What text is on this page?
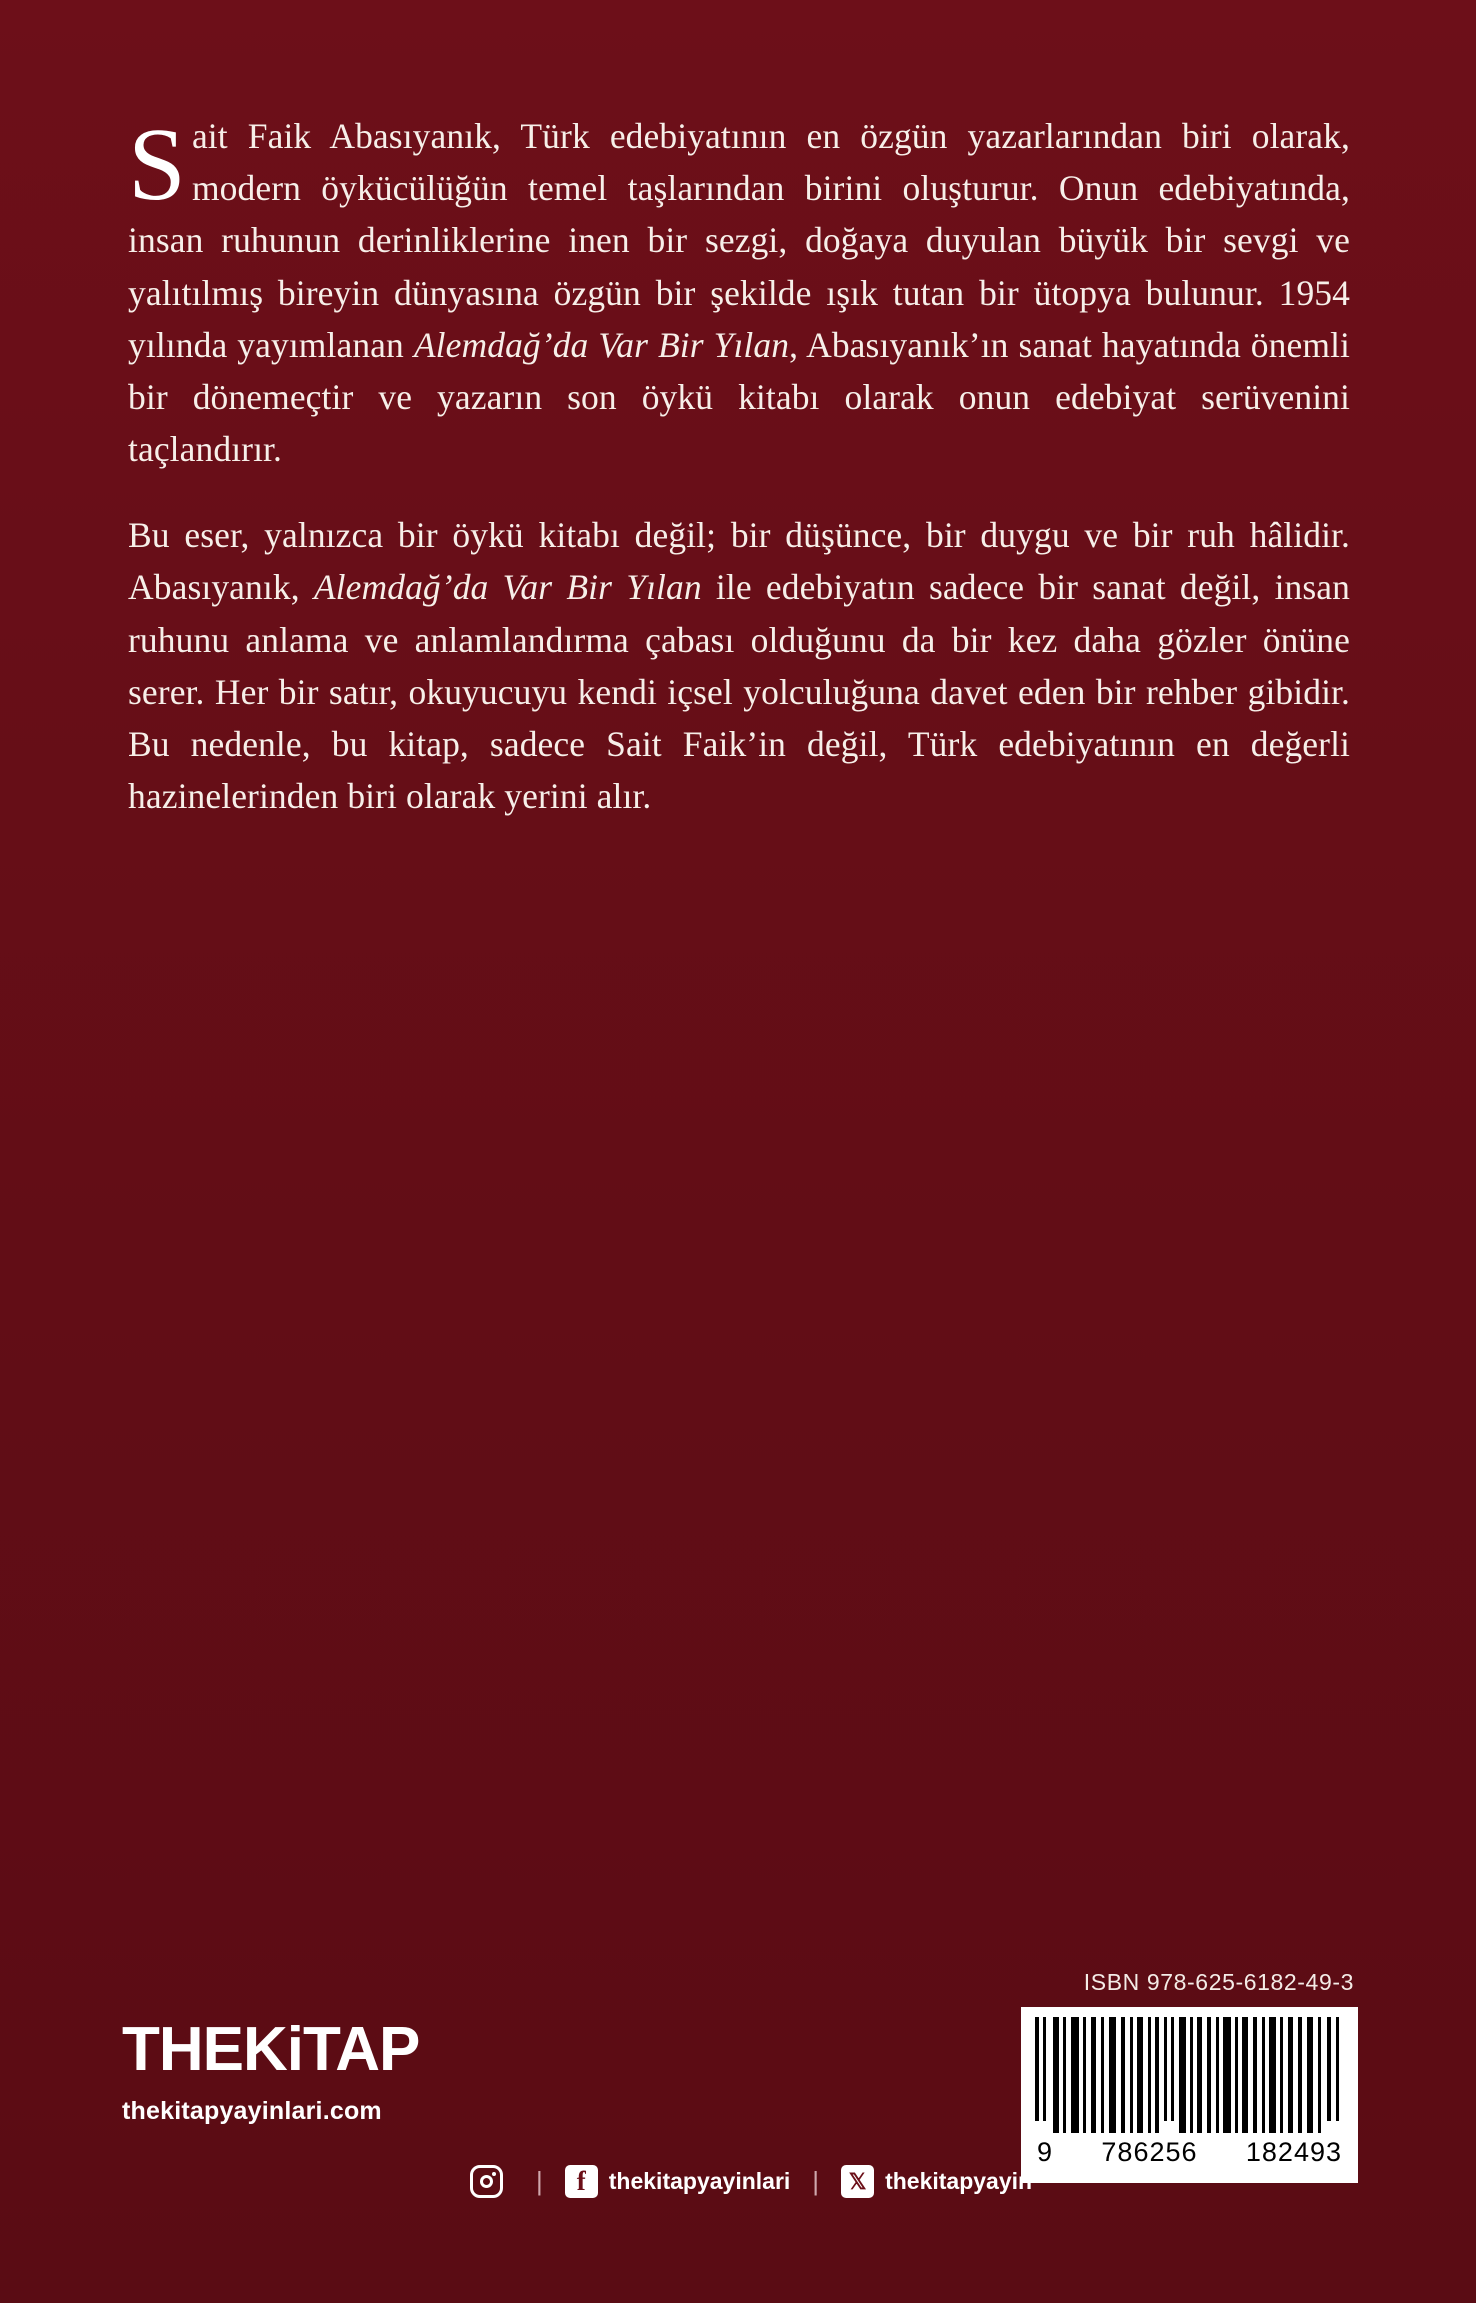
Sait Faik Abasıyanık, Türk edebiyatının en özgün yazarlarından biri olarak, modern öykücülüğün temel taşlarından birini oluşturur. Onun edebiyatında, insan ruhunun derinliklerine inen bir sezgi, doğaya duyulan büyük bir sevgi ve yalıtılmış bireyin dünyasına özgün bir şekilde ışık tutan bir ütopya bulunur. 1954 yılında yayımlanan Alemdağ’da Var Bir Yılan, Abasıyanık’ın sanat hayatında önemli bir dönemeçtir ve yazarın son öykü kitabı olarak onun edebiyat serüvenini taçlandırır.

Bu eser, yalnızca bir öykü kitabı değil; bir düşünce, bir duygu ve bir ruh hâlidir. Abasıyanık, Alemdağ’da Var Bir Yılan ile edebiyatın sadece bir sanat değil, insan ruhunu anlama ve anlamlandırma çabası olduğunu da bir kez daha gözler önüne serer. Her bir satır, okuyucuyu kendi içsel yolculuğuna davet eden bir rehber gibidir. Bu nedenle, bu kitap, sadece Sait Faik’in değil, Türk edebiyatının en değerli hazinelerinden biri olarak yerini alır.

ISBN 978-625-6182-49-3
9 786256 182493
THEKiTAP
thekitapyayinlari.com
|	f	thekitapyayinlari |	𝕏 thekitapyayin
